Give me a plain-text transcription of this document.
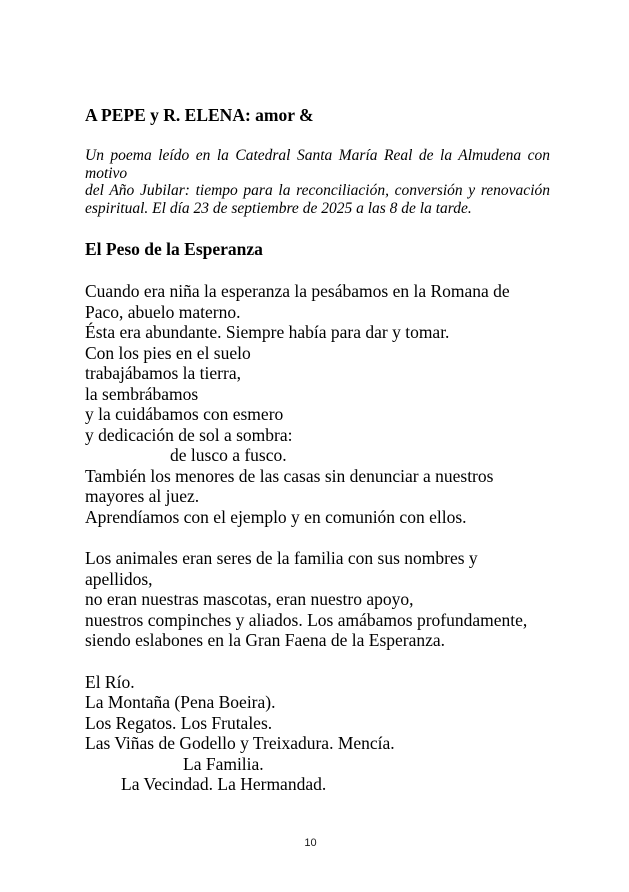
A PEPE y R. ELENA: amor &
Un poema leído en la Catedral Santa María Real de la Almudena con motivo
del Año Jubilar: tiempo para la reconciliación, conversión y renovación
espiritual. El día 23 de septiembre de 2025 a las 8 de la tarde.
El Peso de la Esperanza
Cuando era niña la esperanza la pesábamos en la Romana de
Paco, abuelo materno.
Ésta era abundante. Siempre había para dar y tomar.
Con los pies en el suelo
trabajábamos la tierra,
la sembrábamos
y la cuidábamos con esmero
y dedicación de sol a sombra:
de lusco a fusco.
También los menores de las casas sin denunciar a nuestros
mayores al juez.
Aprendíamos con el ejemplo y en comunión con ellos.
Los animales eran seres de la familia con sus nombres y
apellidos,
no eran nuestras mascotas, eran nuestro apoyo,
nuestros compinches y aliados. Los amábamos profundamente,
siendo eslabones en la Gran Faena de la Esperanza.
El Río.
La Montaña (Pena Boeira).
Los Regatos. Los Frutales.
Las Viñas de Godello y Treixadura. Mencía.
La Familia.
La Vecindad. La Hermandad.
10
